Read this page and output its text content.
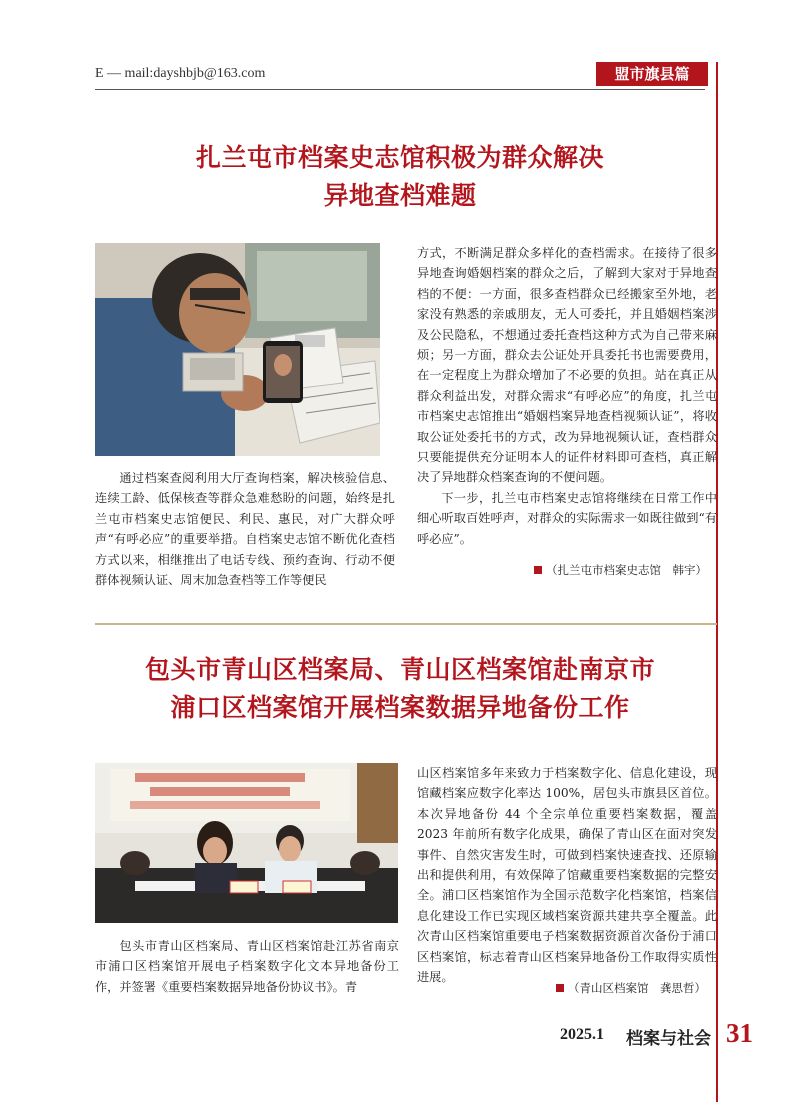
E — mail:dayshbjb@163.com	盟市旗县篇
扎兰屯市档案史志馆积极为群众解决
异地查档难题

通过档案查阅利用大厅查询档案，解决核验信息、连续工龄、低保核查等群众急难愁盼的问题，始终是扎兰屯市档案史志馆便民、利民、惠民，对广大群众呼声“有呼必应”的重要举措。自档案史志馆不断优化查档方式以来，相继推出了电话专线、预约查询、行动不便群体视频认证、周末加急查档等工作等便民

方式，不断满足群众多样化的查档需求。在接待了很多异地查询婚姻档案的群众之后，了解到大家对于异地查档的不便：一方面，很多查档群众已经搬家至外地，老家没有熟悉的亲戚朋友，无人可委托，并且婚姻档案涉及公民隐私，不想通过委托查档这种方式为自己带来麻烦；另一方面，群众去公证处开具委托书也需要费用，在一定程度上为群众增加了不必要的负担。站在真正从群众利益出发，对群众需求“有呼必应”的角度，扎兰屯市档案史志馆推出“婚姻档案异地查档视频认证”，将收取公证处委托书的方式，改为异地视频认证，查档群众只要能提供充分证明本人的证件材料即可查档，真正解决了异地群众档案查询的不便问题。

下一步，扎兰屯市档案史志馆将继续在日常工作中细心听取百姓呼声，对群众的实际需求一如既往做到“有呼必应”。

（扎兰屯市档案史志馆　韩宇）
包头市青山区档案局、青山区档案馆赴南京市
浦口区档案馆开展档案数据异地备份工作

包头市青山区档案局、青山区档案馆赴江苏省南京市浦口区档案馆开展电子档案数字化文本异地备份工作，并签署《重要档案数据异地备份协议书》。青

山区档案馆多年来致力于档案数字化、信息化建设，现馆藏档案应数字化率达 100%，居包头市旗县区首位。本次异地备份 44 个全宗单位重要档案数据，覆盖 2023 年前所有数字化成果，确保了青山区在面对突发事件、自然灾害发生时，可做到档案快速查找、还原输出和提供利用，有效保障了馆藏重要档案数据的完整安全。浦口区档案馆作为全国示范数字化档案馆，档案信息化建设工作已实现区域档案资源共建共享全覆盖。此次青山区档案馆重要电子档案数据资源首次备份于浦口区档案馆，标志着青山区档案异地备份工作取得实质性进展。

（青山区档案馆　龚思哲）
2025.1 档案与社会 31
